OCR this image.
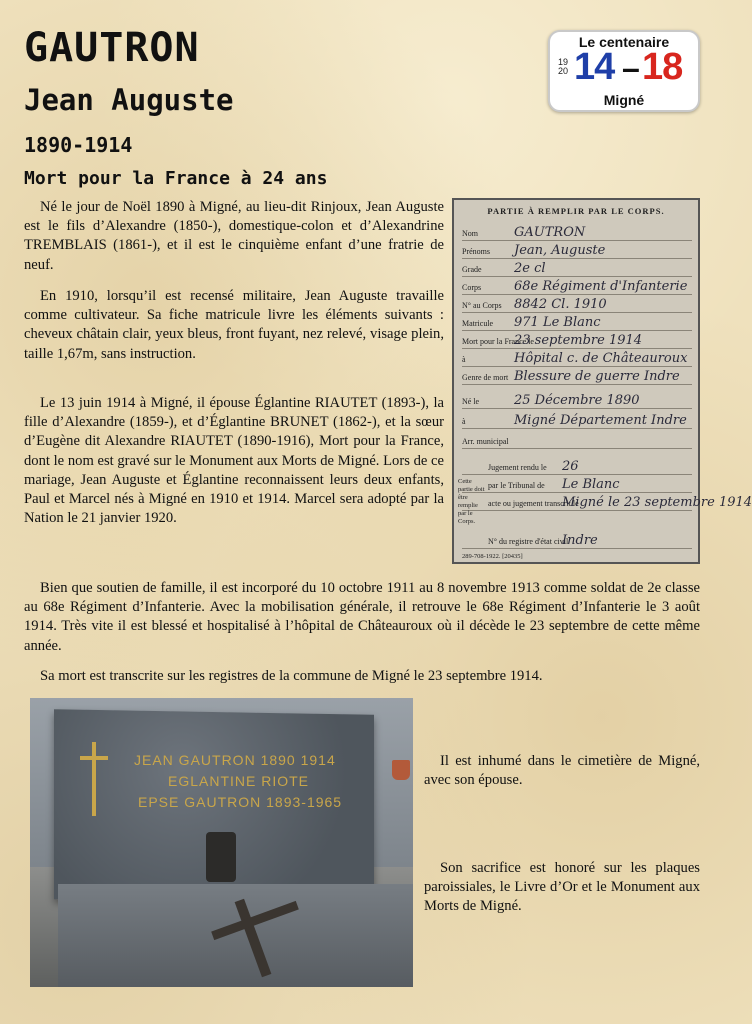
GAUTRON
Jean Auguste
1890-1914
Mort pour la France à 24 ans
Le centenaire
19
20 14 – 18
Migné

Né le jour de Noël 1890 à Migné, au lieu-dit Rinjoux, Jean Auguste est le fils d’Alexandre (1850-), domestique-colon et d’Alexandrine TREMBLAIS (1861-), et il est le cinquième enfant d’une fratrie de neuf.

En 1910, lorsqu’il est recensé militaire, Jean Auguste travaille comme cultivateur. Sa fiche matricule livre les éléments suivants : cheveux châtain clair, yeux bleus, front fuyant, nez relevé, visage plein, taille 1,67m, sans instruction.

Le 13 juin 1914 à Migné, il épouse Églantine RIAUTET (1893-), la fille d’Alexandre (1859-), et d’Églantine BRUNET (1862-), et la sœur d’Eugène dit Alexandre RIAUTET (1890-1916), Mort pour la France, dont le nom est gravé sur le Monument aux Morts de Migné. Lors de ce mariage, Jean Auguste et Églantine reconnaissent leurs deux enfants, Paul et Marcel nés à Migné en 1910 et 1914. Marcel sera adopté par la Nation le 21 janvier 1920.

Bien que soutien de famille, il est incorporé du 10 octobre 1911 au 8 novembre 1913 comme soldat de 2e classe au 68e Régiment d’Infanterie. Avec la mobilisation générale, il retrouve le 68e Régiment d’Infanterie le 3 août 1914. Très vite il est blessé et hospitalisé à l’hôpital de Châteauroux où il décède le 23 septembre de cette même année.

Sa mort est transcrite sur les registres de la commune de Migné le 23 septembre 1914.

Il est inhumé dans le cimetière de Migné, avec son épouse.

Son sacrifice est honoré sur les plaques paroissiales, le Livre d’Or et le Monument aux Morts de Migné.

PARTIE À REMPLIR PAR LE CORPS.
Nom	GAUTRON
Prénoms Jean, Auguste
Grade 2e cl
Corps	68e Régiment d'Infanterie
N° au Corps 8842 Cl. 1910
Matricule 971 Le Blanc
Mort pour la France le
23 septembre 1914
à	Hôpital c. de Châteauroux
Genre de mort Blessure de guerre Indre
Né le	25 Décembre 1890
à	Migné Département Indre
Arr. municipal
Jugement rendu le 26
par le Tribunal de Le Blanc
acte ou jugement transcrit le
Migné le 23 septembre 1914
N° du registre d'état civil
Indre
Cette partie doit être remplie par le Corps.
289-708-1922. [20435]
JEAN GAUTRON 1890 1914
EGLANTINE RIOTE
EPSE GAUTRON 1893-1965
